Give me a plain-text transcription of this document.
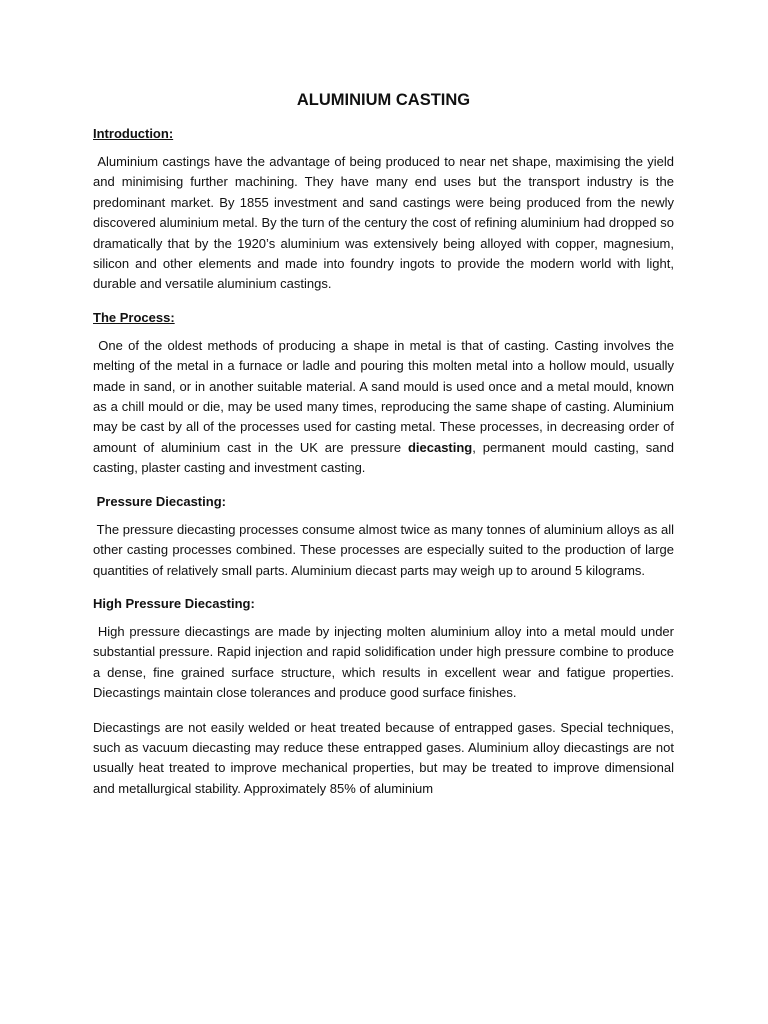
ALUMINIUM CASTING
Introduction:

Aluminium castings have the advantage of being produced to near net shape, maximising the yield and minimising further machining. They have many end uses but the transport industry is the predominant market. By 1855 investment and sand castings were being produced from the newly discovered aluminium metal. By the turn of the century the cost of refining aluminium had dropped so dramatically that by the 1920’s aluminium was extensively being alloyed with copper, magnesium, silicon and other elements and made into foundry ingots to provide the modern world with light, durable and versatile aluminium castings.

The Process:

One of the oldest methods of producing a shape in metal is that of casting. Casting involves the melting of the metal in a furnace or ladle and pouring this molten metal into a hollow mould, usually made in sand, or in another suitable material. A sand mould is used once and a metal mould, known as a chill mould or die, may be used many times, reproducing the same shape of casting. Aluminium may be cast by all of the processes used for casting metal. These processes, in decreasing order of amount of aluminium cast in the UK are pressure diecasting, permanent mould casting, sand casting, plaster casting and investment casting.

Pressure Diecasting:

The pressure diecasting processes consume almost twice as many tonnes of aluminium alloys as all other casting processes combined. These processes are especially suited to the production of large quantities of relatively small parts. Aluminium diecast parts may weigh up to around 5 kilograms.

High Pressure Diecasting:

High pressure diecastings are made by injecting molten aluminium alloy into a metal mould under substantial pressure. Rapid injection and rapid solidification under high pressure combine to produce a dense, fine grained surface structure, which results in excellent wear and fatigue properties. Diecastings maintain close tolerances and produce good surface finishes.

Diecastings are not easily welded or heat treated because of entrapped gases. Special techniques, such as vacuum diecasting may reduce these entrapped gases. Aluminium alloy diecastings are not usually heat treated to improve mechanical properties, but may be treated to improve dimensional and metallurgical stability. Approximately 85% of aluminium
